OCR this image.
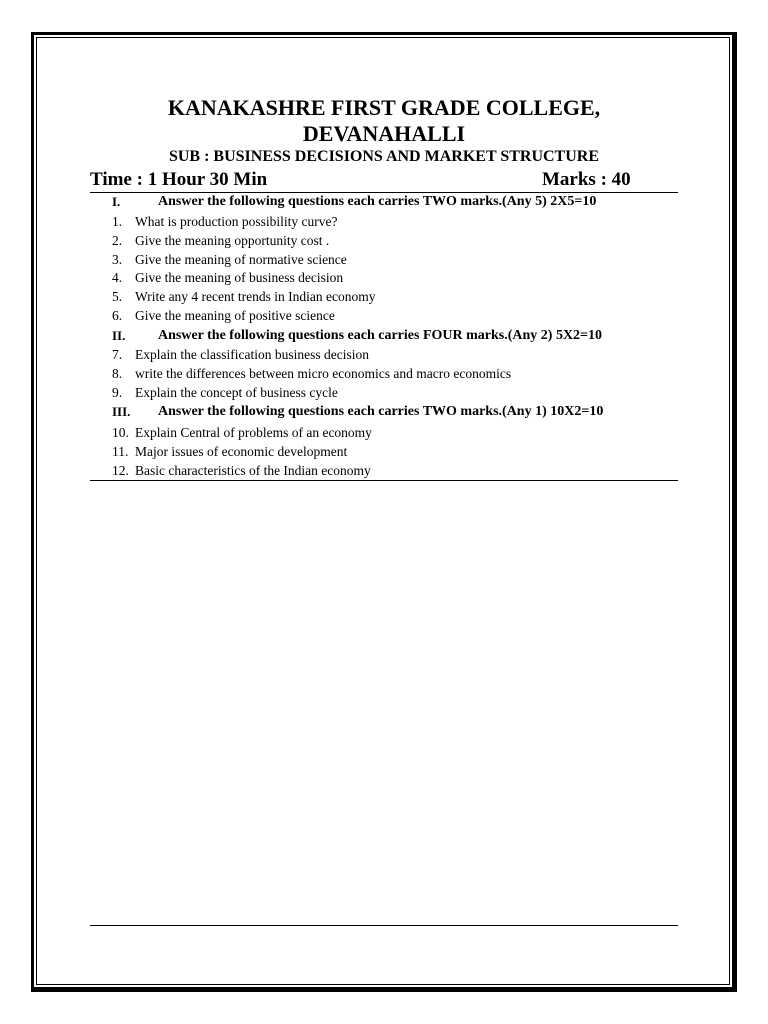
KANAKASHRE FIRST GRADE COLLEGE,
DEVANAHALLI
SUB : BUSINESS DECISIONS AND MARKET STRUCTURE
Time : 1 Hour 30 Min	Marks : 40
I.	Answer the following questions each carries TWO marks.(Any 5) 2X5=10
1. What is production possibility curve?
2. Give the meaning opportunity cost .
3. Give the meaning of normative science
4. Give the meaning of business decision
5. Write any 4 recent trends in Indian economy
6. Give the meaning of positive science
II. Answer the following questions each carries FOUR marks.(Any 2) 5X2=10
7. Explain the classification business decision
8. write the differences between micro economics and macro economics
9. Explain the concept of business cycle
III. Answer the following questions each carries TWO marks.(Any 1) 10X2=10
10. Explain Central of problems of an economy
11. Major issues of economic development
12. Basic characteristics of the Indian economy
